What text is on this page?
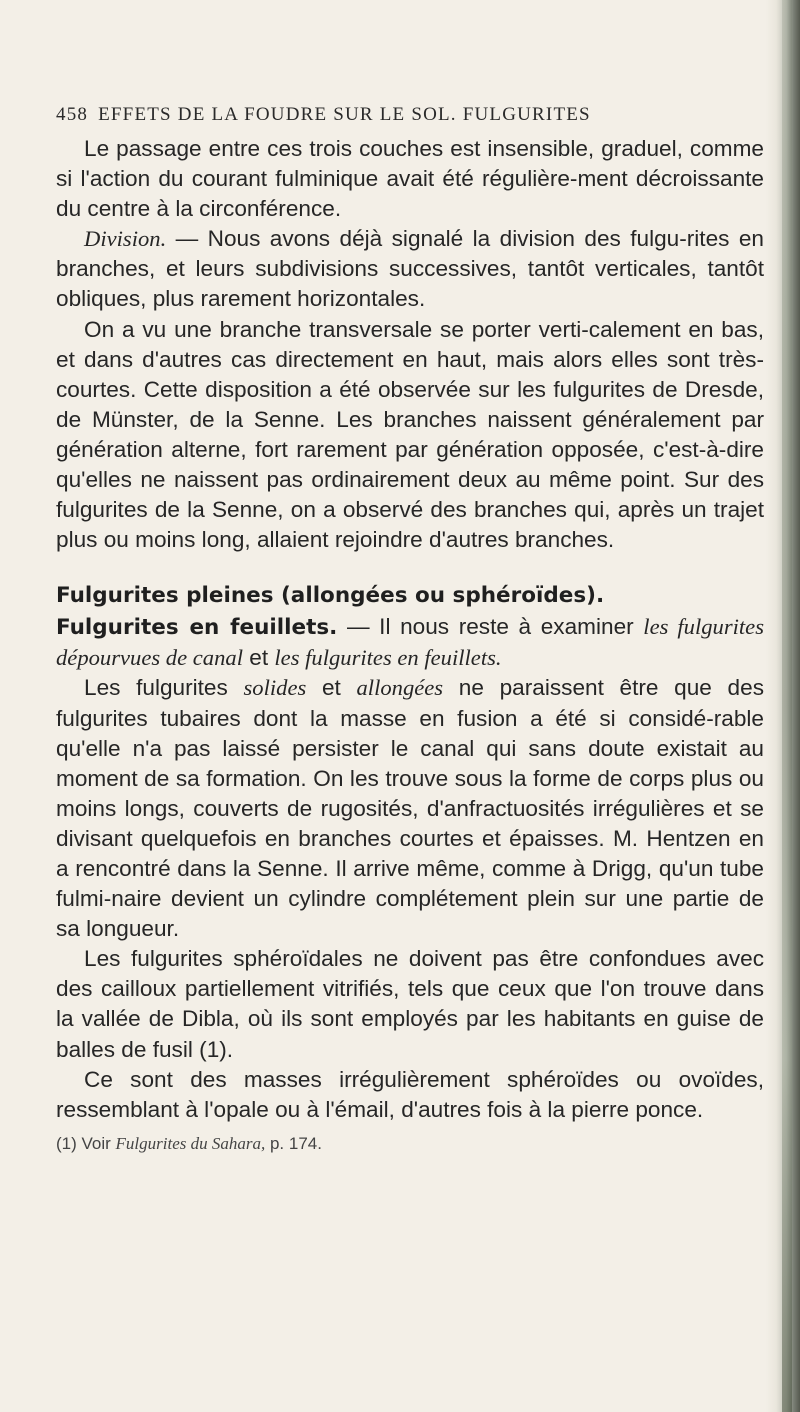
458 EFFETS DE LA FOUDRE SUR LE SOL. FULGURITES

Le passage entre ces trois couches est insensible, graduel, comme si l'action du courant fulminique avait été régulière-ment décroissante du centre à la circonférence.

Division. — Nous avons déjà signalé la division des fulgu-rites en branches, et leurs subdivisions successives, tantôt verticales, tantôt obliques, plus rarement horizontales.

On a vu une branche transversale se porter verti-calement en bas, et dans d'autres cas directement en haut, mais alors elles sont très-courtes. Cette disposition a été observée sur les fulgurites de Dresde, de Münster, de la Senne. Les branches naissent généralement par génération alterne, fort rarement par génération opposée, c'est-à-dire qu'elles ne naissent pas ordinairement deux au même point. Sur des fulgurites de la Senne, on a observé des branches qui, après un trajet plus ou moins long, allaient rejoindre d'autres branches.

Fulgurites pleines (allongées ou sphéroïdes).

Fulgurites en feuillets. — Il nous reste à examiner les fulgurites dépourvues de canal et les fulgurites en feuillets.

Les fulgurites solides et allongées ne paraissent être que des fulgurites tubaires dont la masse en fusion a été si considé-rable qu'elle n'a pas laissé persister le canal qui sans doute existait au moment de sa formation. On les trouve sous la forme de corps plus ou moins longs, couverts de rugosités, d'anfractuosités irrégulières et se divisant quelquefois en branches courtes et épaisses. M. Hentzen en a rencontré dans la Senne. Il arrive même, comme à Drigg, qu'un tube fulmi-naire devient un cylindre complétement plein sur une partie de sa longueur.

Les fulgurites sphéroïdales ne doivent pas être confondues avec des cailloux partiellement vitrifiés, tels que ceux que l'on trouve dans la vallée de Dibla, où ils sont employés par les habitants en guise de balles de fusil (1).

Ce sont des masses irrégulièrement sphéroïdes ou ovoïdes, ressemblant à l'opale ou à l'émail, d'autres fois à la pierre ponce.

(1) Voir Fulgurites du Sahara, p. 174.
